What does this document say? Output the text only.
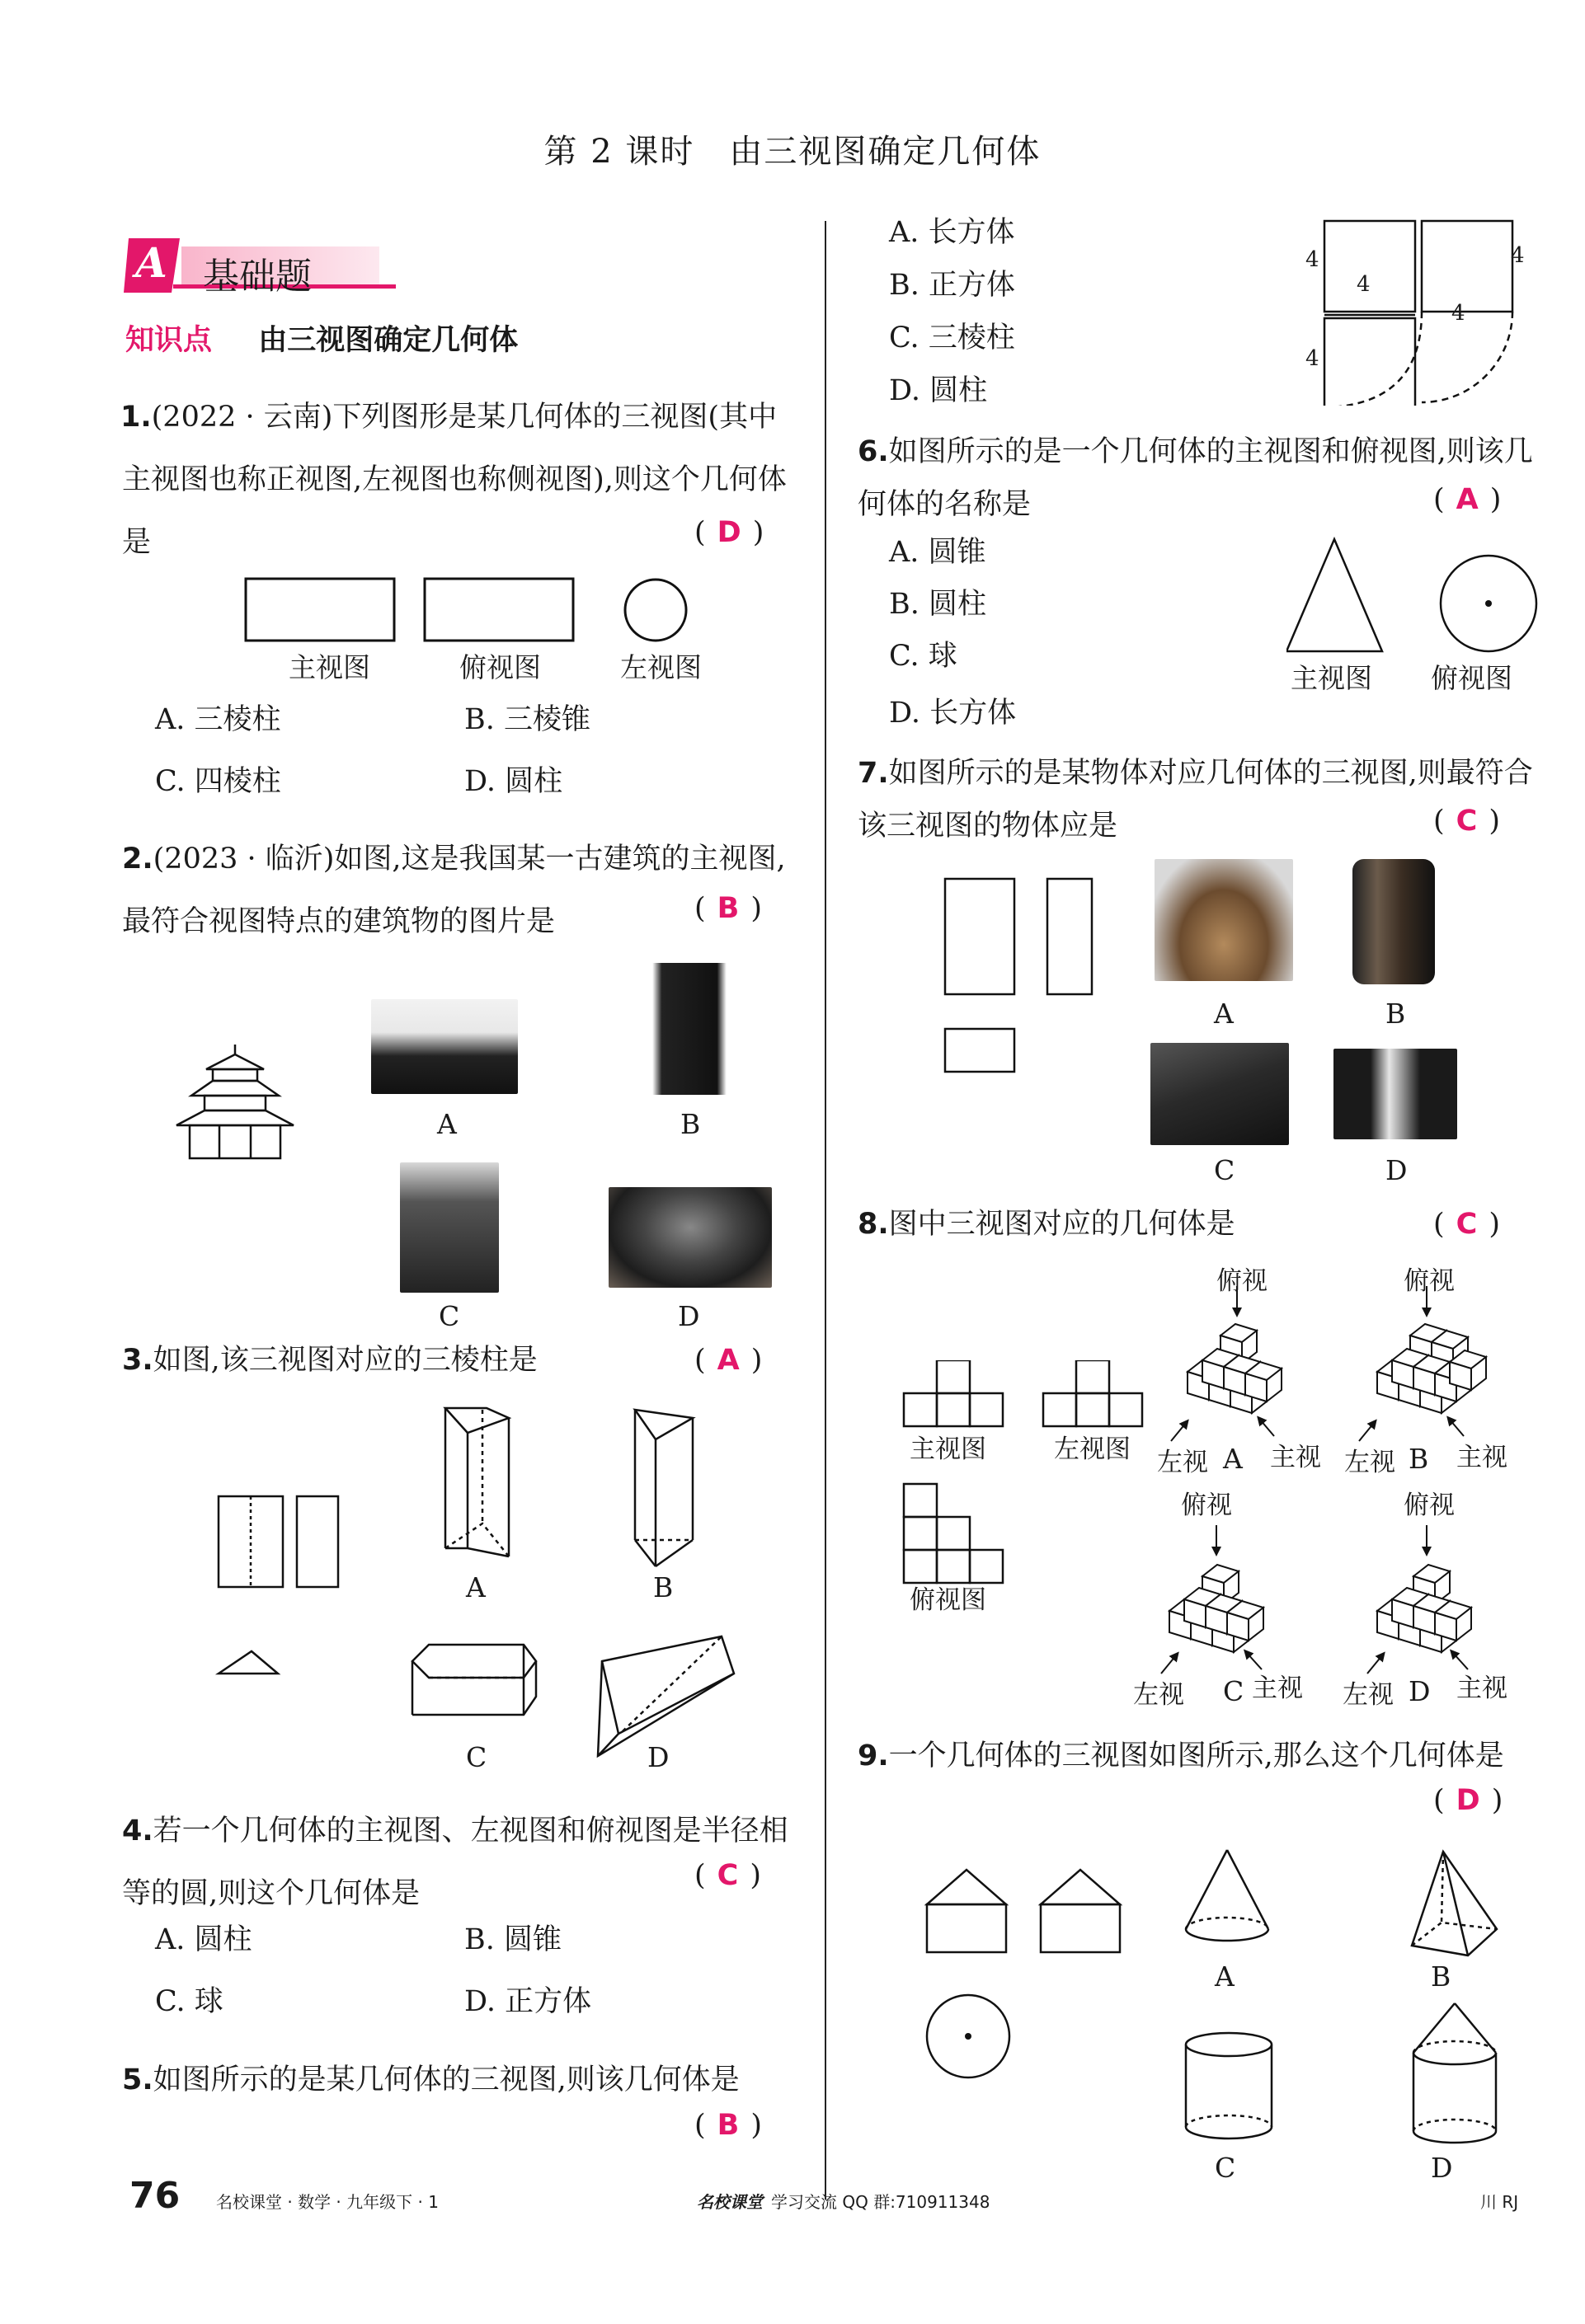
第 2 课时　由三视图确定几何体
A 基础题
知识点 由三视图确定几何体
1.(2022 · 云南)下列图形是某几何体的三视图(其中主视图也称正视图,左视图也称侧视图),则这个几何体是	( D )
主视图	俯视图	左视图
A. 三棱柱	B. 三棱锥
C. 四棱柱	D. 圆柱
2.(2023 · 临沂)如图,这是我国某一古建筑的主视图,最符合视图特点的建筑物的图片是	( B )
A	B
C	D
3.如图,该三视图对应的三棱柱是	( A )
A	B
C	D
4.若一个几何体的主视图、左视图和俯视图是半径相等的圆,则这个几何体是
( C )
A. 圆柱	B. 圆锥
C. 球	D. 正方体
5.如图所示的是某几何体的三视图,则该几何体是
( B )
A. 长方体
B. 正方体
C. 三棱柱
D. 圆柱
4
4
4
4
4
6.如图所示的是一个几何体的主视图和俯视图,则该几何体的名称是	( A )
A. 圆锥
B. 圆柱
C. 球
D. 长方体
主视图 俯视图
7.如图所示的是某物体对应几何体的三视图,则最符合该三视图的物体应是	( C )
A	B
C	D
8.图中三视图对应的几何体是	( C )
主视图	左视图
俯视图
俯视	俯视
左视 主视 左视 主视
A	B
俯视	俯视
左视	主视 左视 主视
C	D
9.一个几何体的三视图如图所示,那么这个几何体是
( D )
A	B
C	D
76 名校课堂 · 数学 · 九年级下 · 1	名校课堂 学习交流 QQ 群:710911348	川 RJ
